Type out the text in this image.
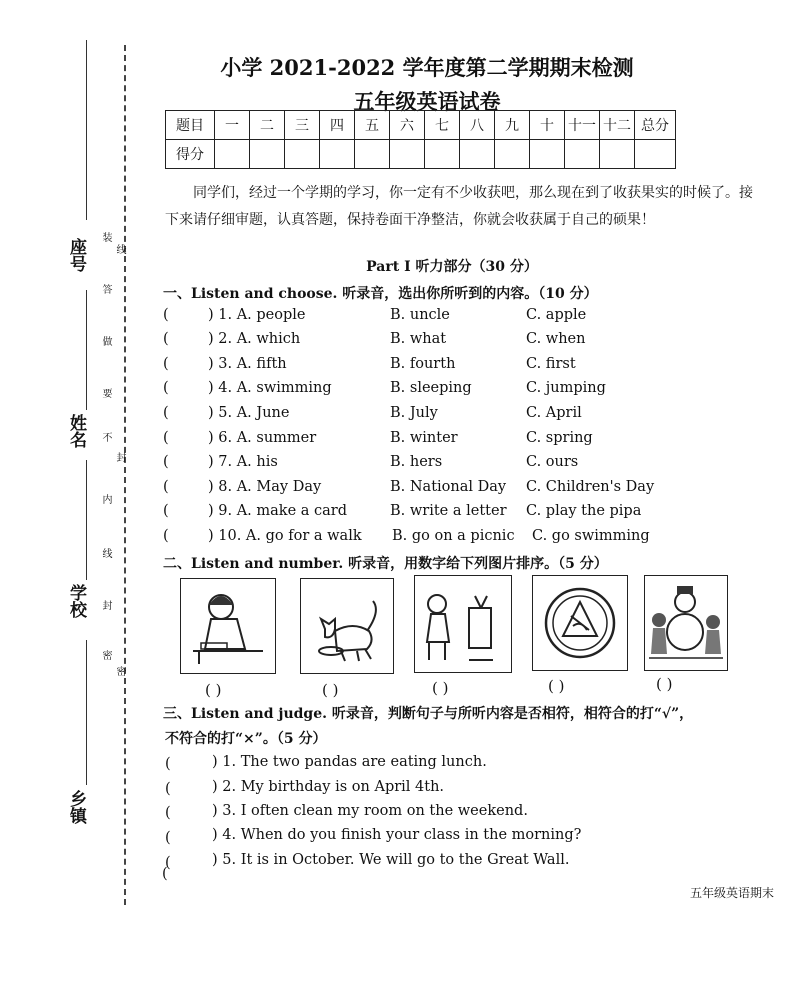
座号
姓名
学校
乡镇
装
线
答
做
要
不
封
内
线
封
密
密
小学 2021-2022 学年度第二学期期末检测
五年级英语试卷
题目	一	二	三	四	五	六	七	八	九	十	十一	十二	总分
得分													
同学们，经过一个学期的学习，你一定有不少收获吧，那么现在到了收获果实的时候了。接下来请仔细审题，认真答题，保持卷面干净整洁，你就会收获属于自己的硕果！
Part I 听力部分（30 分）
一、Listen and choose. 听录音，选出你所听到的内容。（10 分）
(	) 1. A. people	B. uncle	C. apple
(	) 2. A. which	B. what	C. when
(	) 3. A. fifth	B. fourth	C. first
(	) 4. A. swimming	B. sleeping	C. jumping
(	) 5. A. June	B. July	C. April
(	) 6. A. summer	B. winter	C. spring
(	) 7. A. his	B. hers	C. ours
(	) 8. A. May Day	B. National Day C. Children's Day
(	) 9. A. make a card	B. write a letter C. play the pipa
(	) 10. A. go for a walk B. go on a picnic C. go swimming
二、Listen and number. 听录音，用数字给下列图片排序。（5 分）
( )	( )	( )	( )	( )
三、Listen and judge. 听录音，判断句子与所听内容是否相符，相符合的打“√”，
不符合的打“×”。（5 分）
(	) 1. The two pandas are eating lunch.
(	) 2. My birthday is on April 4th.
(	) 3. I often clean my room on the weekend.
(	) 4. When do you finish your class in the morning?
(	) 5. It is in October. We will go to the Great Wall.
(
五年级英语期末
